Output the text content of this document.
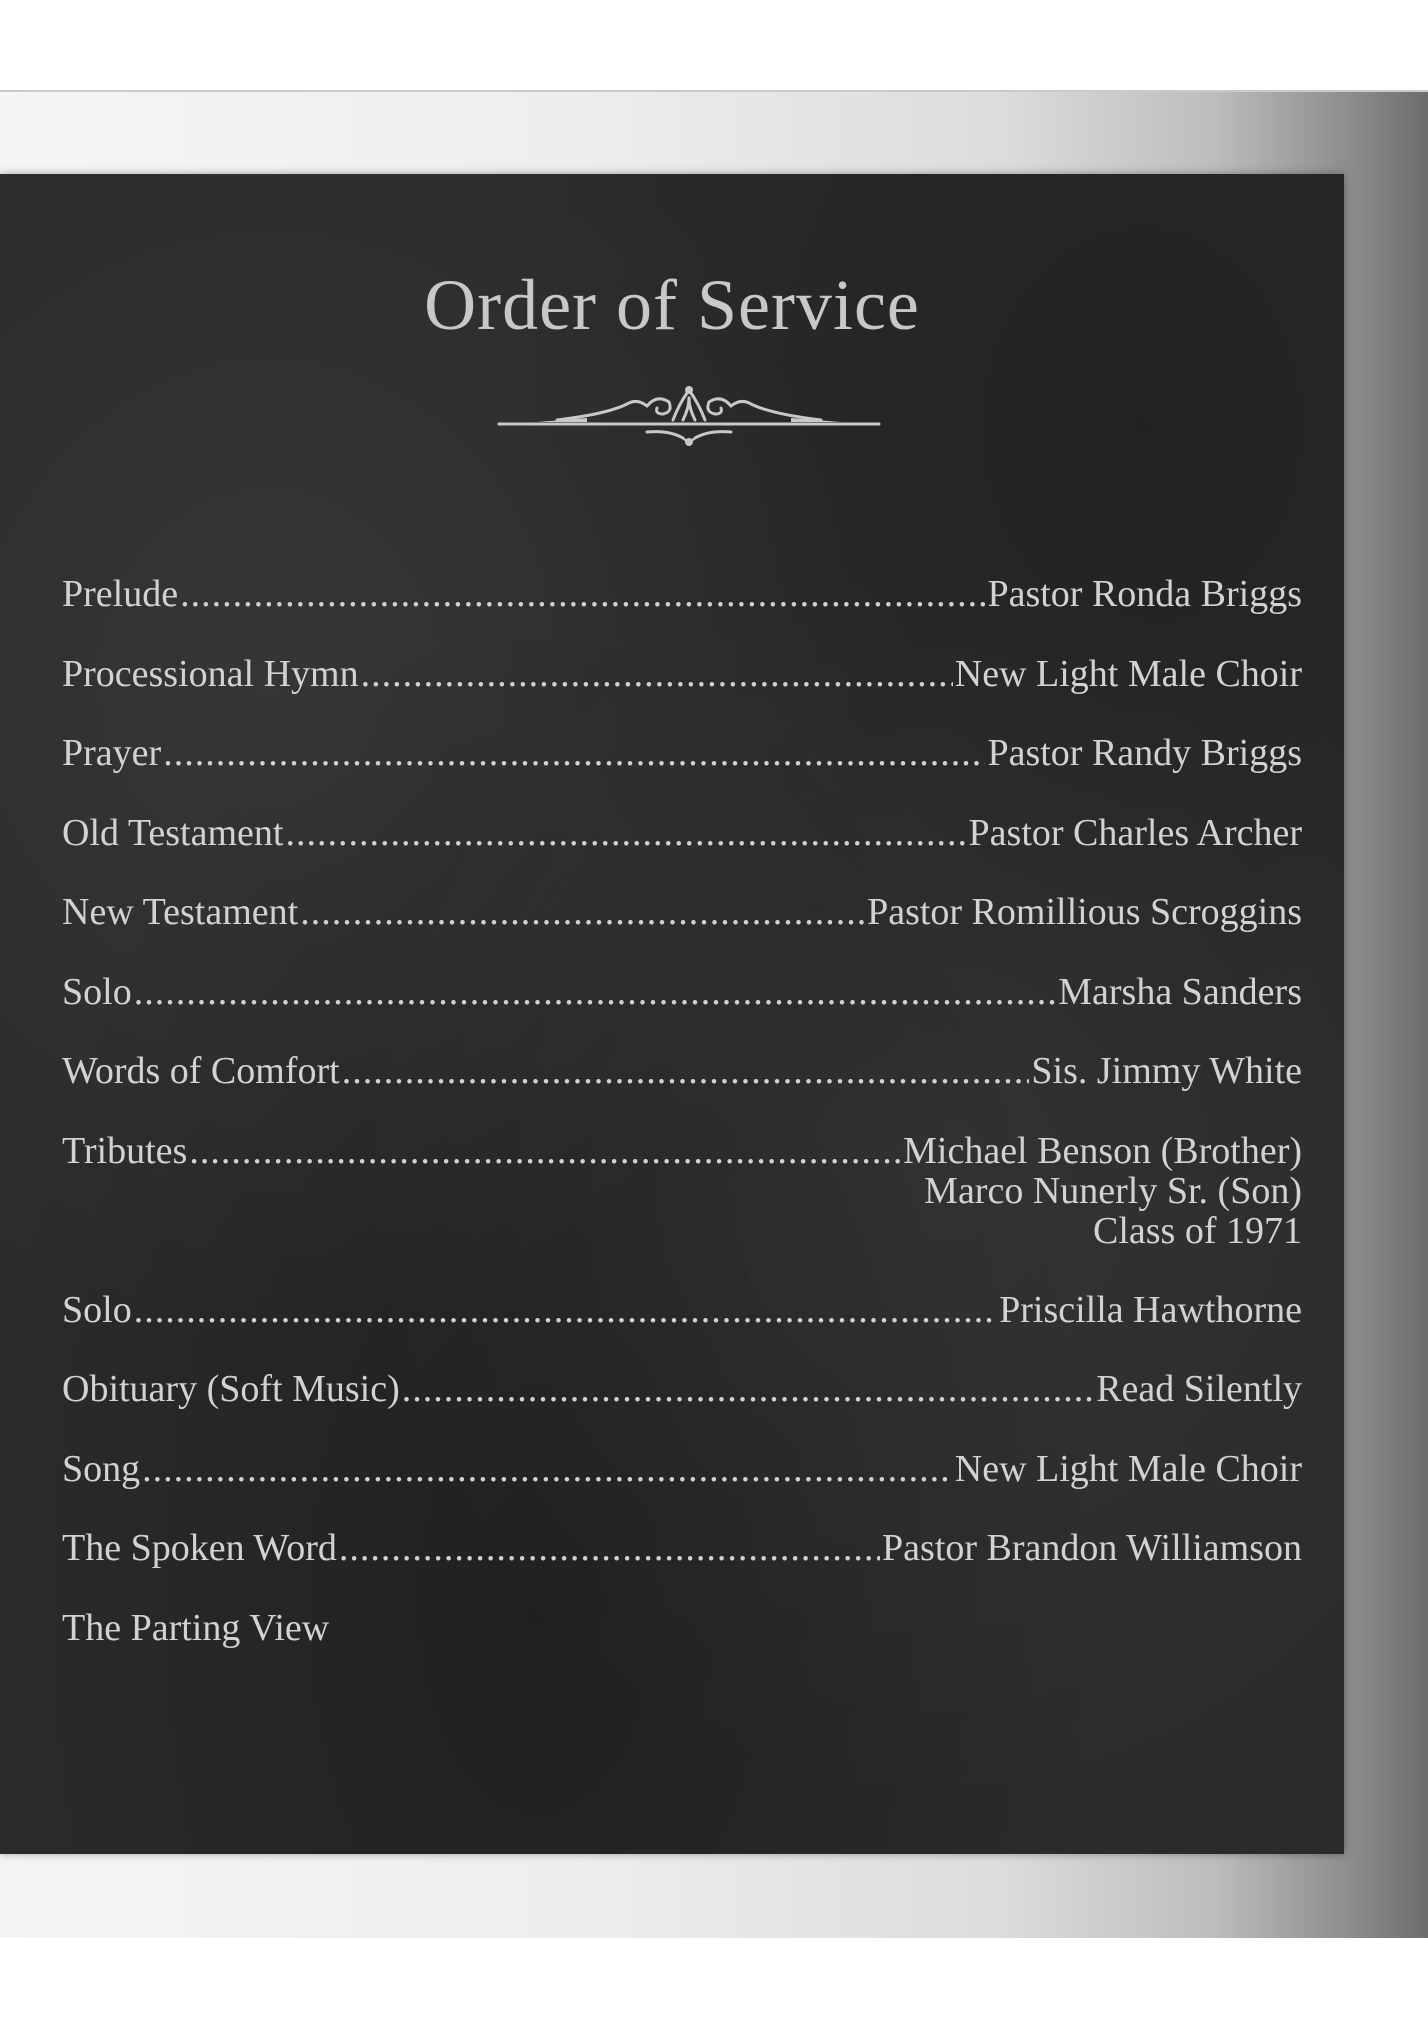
Order of Service
Prelude .....	Pastor Ronda Briggs
Processional Hymn .....	New Light Male Choir
Prayer .....	Pastor Randy Briggs
Old Testament .....	Pastor Charles Archer
New Testament .....	Pastor Romillious Scroggins
Solo .....	Marsha Sanders
Words of Comfort .....	Sis. Jimmy White
Tributes .....	Michael Benson (Brother)
Marco Nunerly Sr. (Son)
Class of 1971
Solo .....	Priscilla Hawthorne
Obituary (Soft Music) .....	Read Silently
Song .....	New Light Male Choir
The Spoken Word .....	Pastor Brandon Williamson
The Parting View
